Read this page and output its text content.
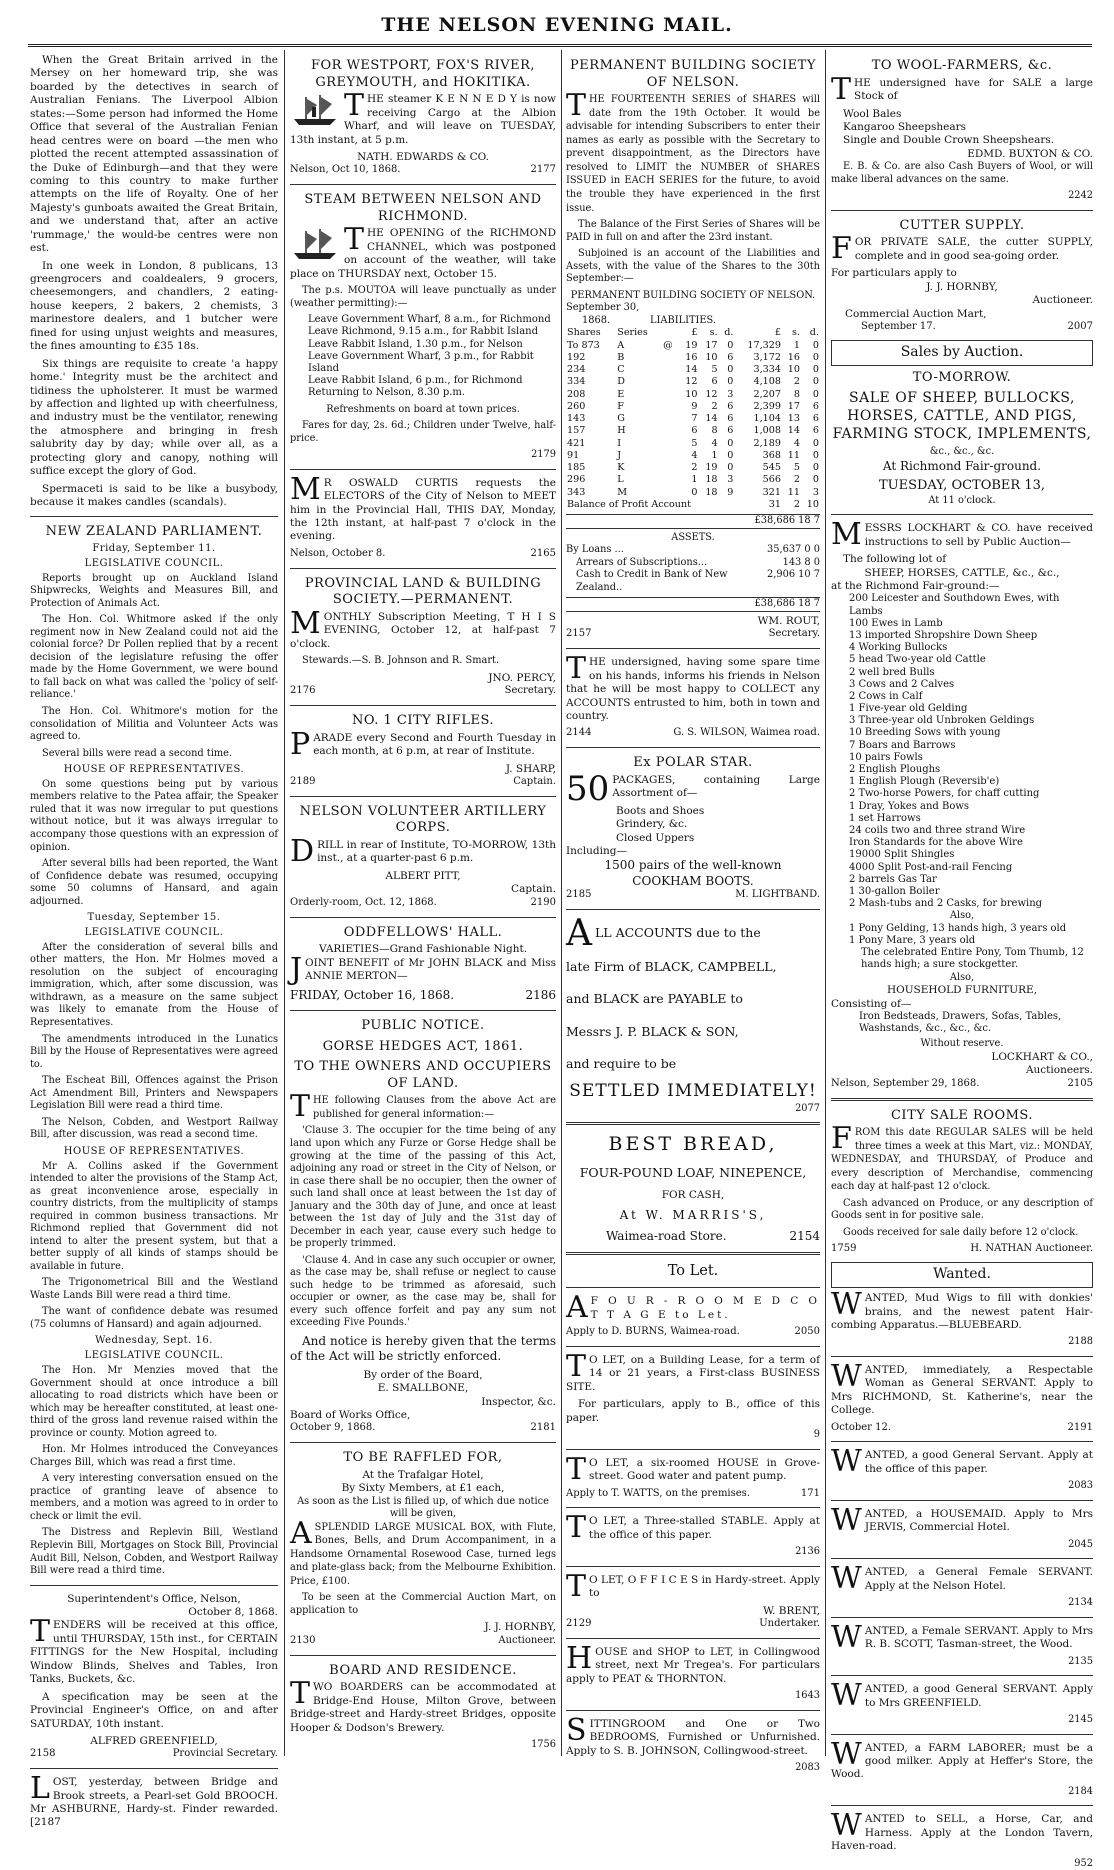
THE NELSON EVENING MAIL.

When the Great Britain arrived in the Mersey on her homeward trip, she was boarded by the detectives in search of Australian Fenians. The Liverpool Albion states:—Some person had informed the Home Office that several of the Australian Fenian head centres were on board —the men who plotted the recent attempted assassination of the Duke of Edinburgh—and that they were coming to this country to make further attempts on the life of Royalty. One of her Majesty's gunboats awaited the Great Britain, and we understand that, after an active 'rummage,' the would-be centres were non est.

In one week in London, 8 publicans, 13 greengrocers and coaldealers, 9 grocers, cheesemongers, and chandlers, 2 eating-house keepers, 2 bakers, 2 chemists, 3 marinestore dealers, and 1 butcher were fined for using unjust weights and measures, the fines amounting to £35 18s.

Six things are requisite to create 'a happy home.' Integrity must be the architect and tidiness the upholsterer. It must be warmed by affection and lighted up with cheerfulness, and industry must be the ventilator, renewing the atmosphere and bringing in fresh salubrity day by day; while over all, as a protecting glory and canopy, nothing will suffice except the glory of God.

Spermaceti is said to be like a busybody, because it makes candles (scandals).

NEW ZEALAND PARLIAMENT.
Friday, September 11.
LEGISLATIVE COUNCIL.

Reports brought up on Auckland Island Shipwrecks, Weights and Measures Bill, and Protection of Animals Act.

The Hon. Col. Whitmore asked if the only regiment now in New Zealand could not aid the colonial force? Dr Pollen replied that by a recent decision of the legislature refusing the offer made by the Home Government, we were bound to fall back on what was called the 'policy of self-reliance.'

The Hon. Col. Whitmore's motion for the consolidation of Militia and Volunteer Acts was agreed to.

Several bills were read a second time.

HOUSE OF REPRESENTATIVES.

On some questions being put by various members relative to the Patea affair, the Speaker ruled that it was now irregular to put questions without notice, but it was always irregular to accompany those questions with an expression of opinion.

After several bills had been reported, the Want of Confidence debate was resumed, occupying some 50 columns of Hansard, and again adjourned.

Tuesday, September 15.
LEGISLATIVE COUNCIL.

After the consideration of several bills and other matters, the Hon. Mr Holmes moved a resolution on the subject of encouraging immigration, which, after some discussion, was withdrawn, as a measure on the same subject was likely to emanate from the House of Representatives.

The amendments introduced in the Lunatics Bill by the House of Representatives were agreed to.

The Escheat Bill, Offences against the Prison Act Amendment Bill, Printers and Newspapers Legislation Bill were read a third time.

The Nelson, Cobden, and Westport Railway Bill, after discussion, was read a second time.

HOUSE OF REPRESENTATIVES.

Mr A. Collins asked if the Government intended to alter the provisions of the Stamp Act, as great inconvenience arose, especially in country districts, from the multiplicity of stamps required in common business transactions. Mr Richmond replied that Government did not intend to alter the present system, but that a better supply of all kinds of stamps should be available in future.

The Trigonometrical Bill and the Westland Waste Lands Bill were read a third time.

The want of confidence debate was resumed (75 columns of Hansard) and again adjourned.

Wednesday, Sept. 16.
LEGISLATIVE COUNCIL.

The Hon. Mr Menzies moved that the Government should at once introduce a bill allocating to road districts which have been or which may be hereafter constituted, at least one-third of the gross land revenue raised within the province or county. Motion agreed to.

Hon. Mr Holmes introduced the Conveyances Charges Bill, which was read a first time.

A very interesting conversation ensued on the practice of granting leave of absence to members, and a motion was agreed to in order to check or limit the evil.

The Distress and Replevin Bill, Westland Replevin Bill, Mortgages on Stock Bill, Provincial Audit Bill, Nelson, Cobden, and Westport Railway Bill were read a third time.

Superintendent's Office, Nelson,
October 8, 1868.

TENDERS will be received at this office, until THURSDAY, 15th inst., for CERTAIN FITTINGS for the New Hospital, including Window Blinds, Shelves and Tables, Iron Tanks, Buckets, &c.

A specification may be seen at the Provincial Engineer's Office, on and after SATURDAY, 10th instant.

ALFRED GREENFIELD,
2158	Provincial Secretary.

LOST, yesterday, between Bridge and Brook streets, a Pearl-set Gold BROOCH. Mr ASHBURNE, Hardy-st. Finder rewarded. [2187

FOR WESTPORT, FOX'S RIVER, GREYMOUTH, and HOKITIKA.

THE steamer K E N N E D Y is now receiving Cargo at the Albion Wharf, and will leave on TUESDAY, 13th instant, at 5 p.m.

NATH. EDWARDS & CO.
Nelson, Oct 10, 1868.	2177
STEAM BETWEEN NELSON AND RICHMOND.

THE OPENING of the RICHMOND CHANNEL, which was postponed on account of the weather, will take place on THURSDAY next, October 15.

The p.s. MOUTOA will leave punctually as under (weather permitting):—

Leave Government Wharf, 8 a.m., for Richmond
Leave Richmond, 9.15 a.m., for Rabbit Island
Leave Rabbit Island, 1.30 p.m., for Nelson
Leave Government Wharf, 3 p.m., for Rabbit Island
Leave Rabbit Island, 6 p.m., for Richmond
Returning to Nelson, 8.30 p.m.
Refreshments on board at town prices.

Fares for day, 2s. 6d.; Children under Twelve, half-price.

2179

M R OSWALD CURTIS requests the ELECTORS of the City of Nelson to MEET him in the Provincial Hall, THIS DAY, Monday, the 12th instant, at half-past 7 o'clock in the evening.

Nelson, October 8.	2165
PROVINCIAL LAND & BUILDING SOCIETY.—PERMANENT.

MONTHLY Subscription Meeting, T H I S EVENING, October 12, at half-past 7 o'clock.

Stewards.—S. B. Johnson and R. Smart.

JNO. PERCY,
2176	Secretary.
NO. 1 CITY RIFLES.

PARADE every Second and Fourth Tuesday in each month, at 6 p.m, at rear of Institute.

J. SHARP,
2189	Captain.
NELSON VOLUNTEER ARTILLERY CORPS.

DRILL in rear of Institute, TO-MORROW, 13th inst., at a quarter-past 6 p.m.

ALBERT PITT,
Captain.
Orderly-room, Oct. 12, 1868.	2190
ODDFELLOWS' HALL.
VARIETIES—Grand Fashionable Night.

JOINT BENEFIT of Mr JOHN BLACK and Miss ANNIE MERTON—

FRIDAY, October 16, 1868.	2186
PUBLIC NOTICE.
GORSE HEDGES ACT, 1861.
TO THE OWNERS AND OCCUPIERS OF LAND.

THE following Clauses from the above Act are published for general information:—

'Clause 3. The occupier for the time being of any land upon which any Furze or Gorse Hedge shall be growing at the time of the passing of this Act, adjoining any road or street in the City of Nelson, or in case there shall be no occupier, then the owner of such land shall once at least between the 1st day of January and the 30th day of June, and once at least between the 1st day of July and the 31st day of December in each year, cause every such hedge to be properly trimmed.

'Clause 4. And in case any such occupier or owner, as the case may be, shall refuse or neglect to cause such hedge to be trimmed as aforesaid, such occupier or owner, as the case may be, shall for every such offence forfeit and pay any sum not exceeding Five Pounds.'

And notice is hereby given that the terms of the Act will be strictly enforced.

By order of the Board,
E. SMALLBONE,
Inspector, &c.
Board of Works Office,
October 9, 1868.	2181
TO BE RAFFLED FOR,
At the Trafalgar Hotel,
By Sixty Members, at £1 each,
As soon as the List is filled up, of which due notice will be given,

ASPLENDID LARGE MUSICAL BOX, with Flute, Bones, Bells, and Drum Accompaniment, in a Handsome Ornamental Rosewood Case, turned legs and plate-glass back; from the Melbourne Exhibition. Price, £100.

To be seen at the Commercial Auction Mart, on application to

J. J. HORNBY,
2130	Auctioneer.
BOARD AND RESIDENCE.

TWO BOARDERS can be accommodated at Bridge-End House, Milton Grove, between Bridge-street and Hardy-street Bridges, opposite Hooper & Dodson's Brewery.

1756
PERMANENT BUILDING SOCIETY OF NELSON.

THE FOURTEENTH SERIES of SHARES will date from the 19th October. It would be advisable for intending Subscribers to enter their names as early as possible with the Secretary to prevent disappointment, as the Directors have resolved to LIMIT the NUMBER of SHARES ISSUED in EACH SERIES for the future, to avoid the trouble they have experienced in the first issue.

The Balance of the First Series of Shares will be PAID in full on and after the 23rd instant.

Subjoined is an account of the Liabilities and Assets, with the value of the Shares to the 30th September:—

PERMANENT BUILDING SOCIETY OF NELSON.
September 30,
1868.	LIABILITIES.
Shares	Series		£	s.	d.	£	s.	d.
To 873	A	@	19	17	0	17,329	1	0
192	B		16	10	6	3,172	16	0
234	C		14	5	0	3,334	10	0
334	D		12	6	0	4,108	2	0
208	E		10	12	3	2,207	8	0
260	F		9	2	6	2,399	17	6
143	G		7	14	6	1,104	13	6
157	H		6	8	6	1,008	14	6
421	I		5	4	0	2,189	4	0
91	J		4	1	0	368	11	0
185	K		2	19	0	545	5	0
296	L		1	18	3	566	2	0
343	M		0	18	9	321	11	3
Balance of Profit Account						31	2	10
£38,686 18 7
ASSETS.
By Loans ...	35,637 0 0
Arrears of Subscriptions...	143 8 0
Cash to Credit in Bank of New Zealand..
2,906 10 7
£38,686 18 7
WM. ROUT,
2157	Secretary.

THE undersigned, having some spare time on his hands, informs his friends in Nelson that he will be most happy to COLLECT any ACCOUNTS entrusted to him, both in town and country.

2144	G. S. WILSON, Waimea road.
Ex POLAR STAR.

50 PACKAGES, containing Large Assortment of—

Boots and Shoes
Grindery, &c.
Closed Uppers
Including—
1500 pairs of the well-known
COOKHAM BOOTS.
2185	M. LIGHTBAND.
ALL ACCOUNTS due to the
late Firm of BLACK, CAMPBELL,
and BLACK are PAYABLE to
Messrs J. P. BLACK & SON,
and require to be
SETTLED IMMEDIATELY!
2077
BEST BREAD,
FOUR-POUND LOAF, NINEPENCE,
FOR CASH,
At W. MARRIS'S,
Waimea-road Store.	2154
To Let.

A F O U R - R O O M E D C O T T A G E to Let.

Apply to D. BURNS, Waimea-road.	2050

T O LET, on a Building Lease, for a term of 14 or 21 years, a First-class BUSINESS SITE.

For particulars, apply to B., office of this paper.

9

T O LET, a six-roomed HOUSE in Grove-street. Good water and patent pump.

Apply to T. WATTS, on the premises.	171

T O LET, a Three-stalled STABLE. Apply at the office of this paper.

2136

T O LET, O F F I C E S in Hardy-street. Apply to

W. BRENT,
2129	Undertaker.

HOUSE and SHOP to LET, in Collingwood street, next Mr Tregea's. For particulars apply to PEAT & THORNTON.

1643

SITTINGROOM and One or Two BEDROOMS, Furnished or Unfurnished. Apply to S. B. JOHNSON, Collingwood-street.

2083
TO WOOL-FARMERS, &c.

THE undersigned have for SALE a large Stock of

Wool Bales
Kangaroo Sheepshears
Single and Double Crown Sheepshears.
EDMD. BUXTON & CO.

E. B. & Co. are also Cash Buyers of Wool, or will make liberal advances on the same.

2242
CUTTER SUPPLY.

FOR PRIVATE SALE, the cutter SUPPLY, complete and in good sea-going order.

For particulars apply to
J. J. HORNBY,
Auctioneer.
Commercial Auction Mart,
September 17.	2007
Sales by Auction.
TO-MORROW.
SALE OF SHEEP, BULLOCKS, HORSES, CATTLE, AND PIGS, FARMING STOCK, IMPLEMENTS,
&c., &c., &c.
At Richmond Fair-ground.
TUESDAY, OCTOBER 13,
At 11 o'clock.

MESSRS LOCKHART & CO. have received instructions to sell by Public Auction—

The following lot of
SHEEP, HORSES, CATTLE, &c., &c.,
at the Richmond Fair-ground:—
200 Leicester and Southdown Ewes, with Lambs
100 Ewes in Lamb
13 imported Shropshire Down Sheep
4 Working Bullocks
5 head Two-year old Cattle
2 well bred Bulls
3 Cows and 2 Calves
2 Cows in Calf
1 Five-year old Gelding
3 Three-year old Unbroken Geldings
10 Breeding Sows with young
7 Boars and Barrows
10 pairs Fowls
2 English Ploughs
1 English Plough (Reversib'e)
2 Two-horse Powers, for chaff cutting
1 Dray, Yokes and Bows
1 set Harrows
24 coils two and three strand Wire
Iron Standards for the above Wire
19000 Split Shingles
4000 Split Post-and-rail Fencing
2 barrels Gas Tar
1 30-gallon Boiler
2 Mash-tubs and 2 Casks, for brewing
Also,
1 Pony Gelding, 13 hands high, 3 years old
1 Pony Mare, 3 years old
The celebrated Entire Pony, Tom Thumb, 12 hands high; a sure stockgetter.
Also,
HOUSEHOLD FURNITURE,
Consisting of—
Iron Bedsteads, Drawers, Sofas, Tables, Washstands, &c., &c., &c.
Without reserve.
LOCKHART & CO.,
Auctioneers.
Nelson, September 29, 1868.	2105
CITY SALE ROOMS.

FROM this date REGULAR SALES will be held three times a week at this Mart, viz.: MONDAY, WEDNESDAY, and THURSDAY, of Produce and every description of Merchandise, commencing each day at half-past 12 o'clock.

Cash advanced on Produce, or any description of Goods sent in for positive sale.

Goods received for sale daily before 12 o'clock.

1759	H. NATHAN Auctioneer.
Wanted.

WANTED, Mud Wigs to fill with donkies' brains, and the newest patent Hair-combing Apparatus.—BLUEBEARD.

2188

WANTED, immediately, a Respectable Woman as General SERVANT. Apply to Mrs RICHMOND, St. Katherine's, near the College.

October 12.	2191

WANTED, a good General Servant. Apply at the office of this paper.

2083

WANTED, a HOUSEMAID. Apply to Mrs JERVIS, Commercial Hotel.

2045

WANTED, a General Female SERVANT. Apply at the Nelson Hotel.

2134

WANTED, a Female SERVANT. Apply to Mrs R. B. SCOTT, Tasman-street, the Wood.

2135

WANTED, a good General SERVANT. Apply to Mrs GREENFIELD.

2145

WANTED, a FARM LABORER; must be a good milker. Apply at Heffer's Store, the Wood.

2184

WANTED to SELL, a Horse, Car, and Harness. Apply at the London Tavern, Haven-road.

952
